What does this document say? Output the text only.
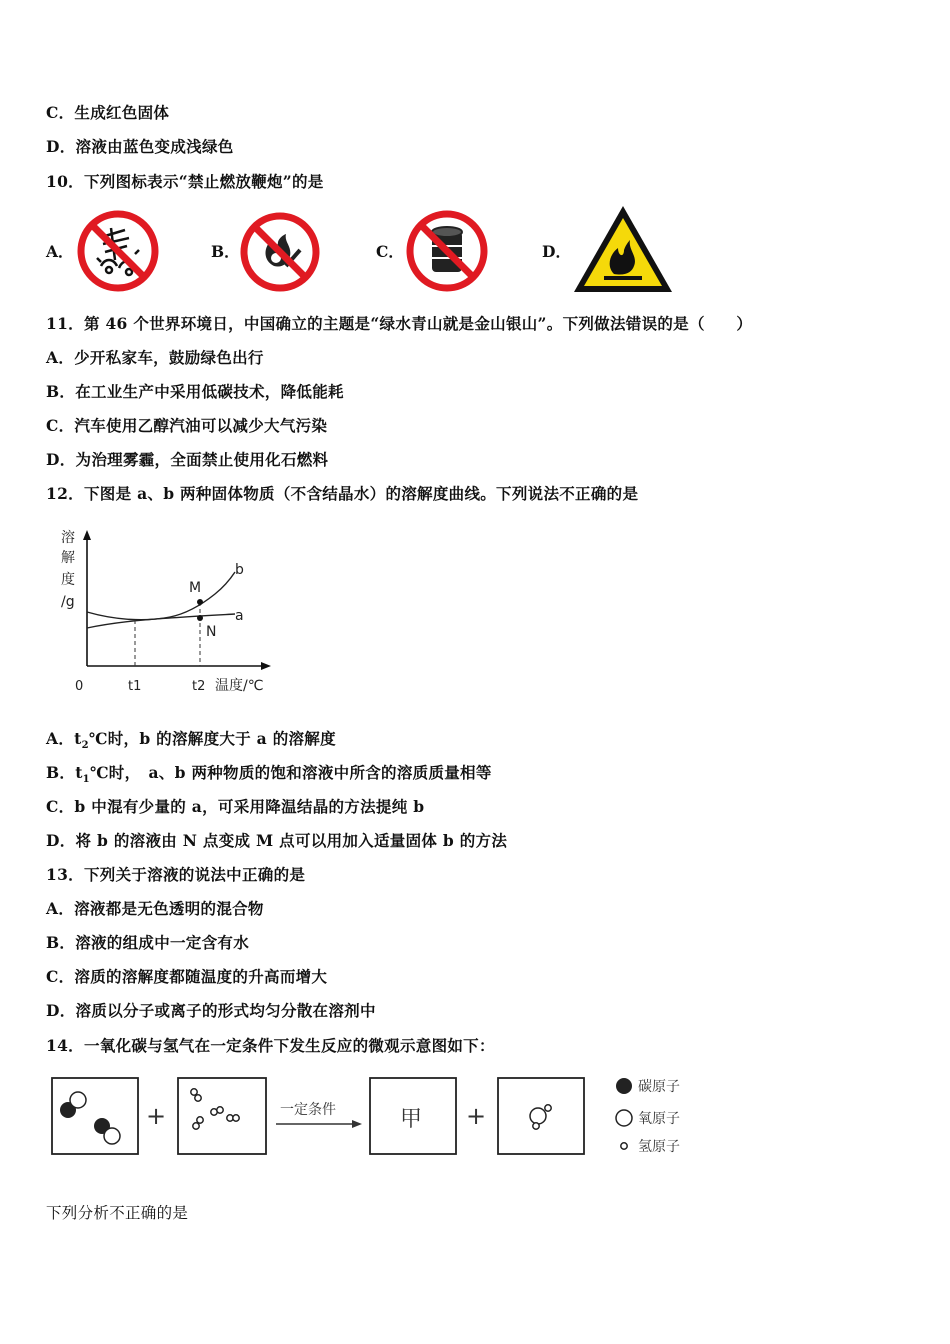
C．生成红色固体
D．溶液由蓝色变成浅绿色
10．下列图标表示“禁止燃放鞭炮”的是
A．	B．	C．	D．
11．第 46 个世界环境日，中国确立的主题是“绿水青山就是金山银山”。下列做法错误的是（　　）
A．少开私家车，鼓励绿色出行
B．在工业生产中采用低碳技术，降低能耗
C．汽车使用乙醇汽油可以减少大气污染
D．为治理雾霾，全面禁止使用化石燃料
12．下图是 a、b 两种固体物质（不含结晶水）的溶解度曲线。下列说法不正确的是
溶
解
度
/g
M
N
b
a
0	t1	t2 温度/℃
A．$t_2℃$时，b 的溶解度大于 a 的溶解度
B．$t_1℃$时，　a、b 两种物质的饱和溶液中所含的溶质质量相等
C．b 中混有少量的 a，可采用降温结晶的方法提纯 b
D．将 b 的溶液由 N 点变成 M 点可以用加入适量固体 b 的方法
13．下列关于溶液的说法中正确的是
A．溶液都是无色透明的混合物
B．溶液的组成中一定含有水
C．溶质的溶解度都随温度的升高而增大
D．溶质以分子或离子的形式均匀分散在溶剂中
14．一氧化碳与氢气在一定条件下发生反应的微观示意图如下：
+	一定条件	甲 +
碳原子
氧原子
氢原子
下列分析不正确的是
